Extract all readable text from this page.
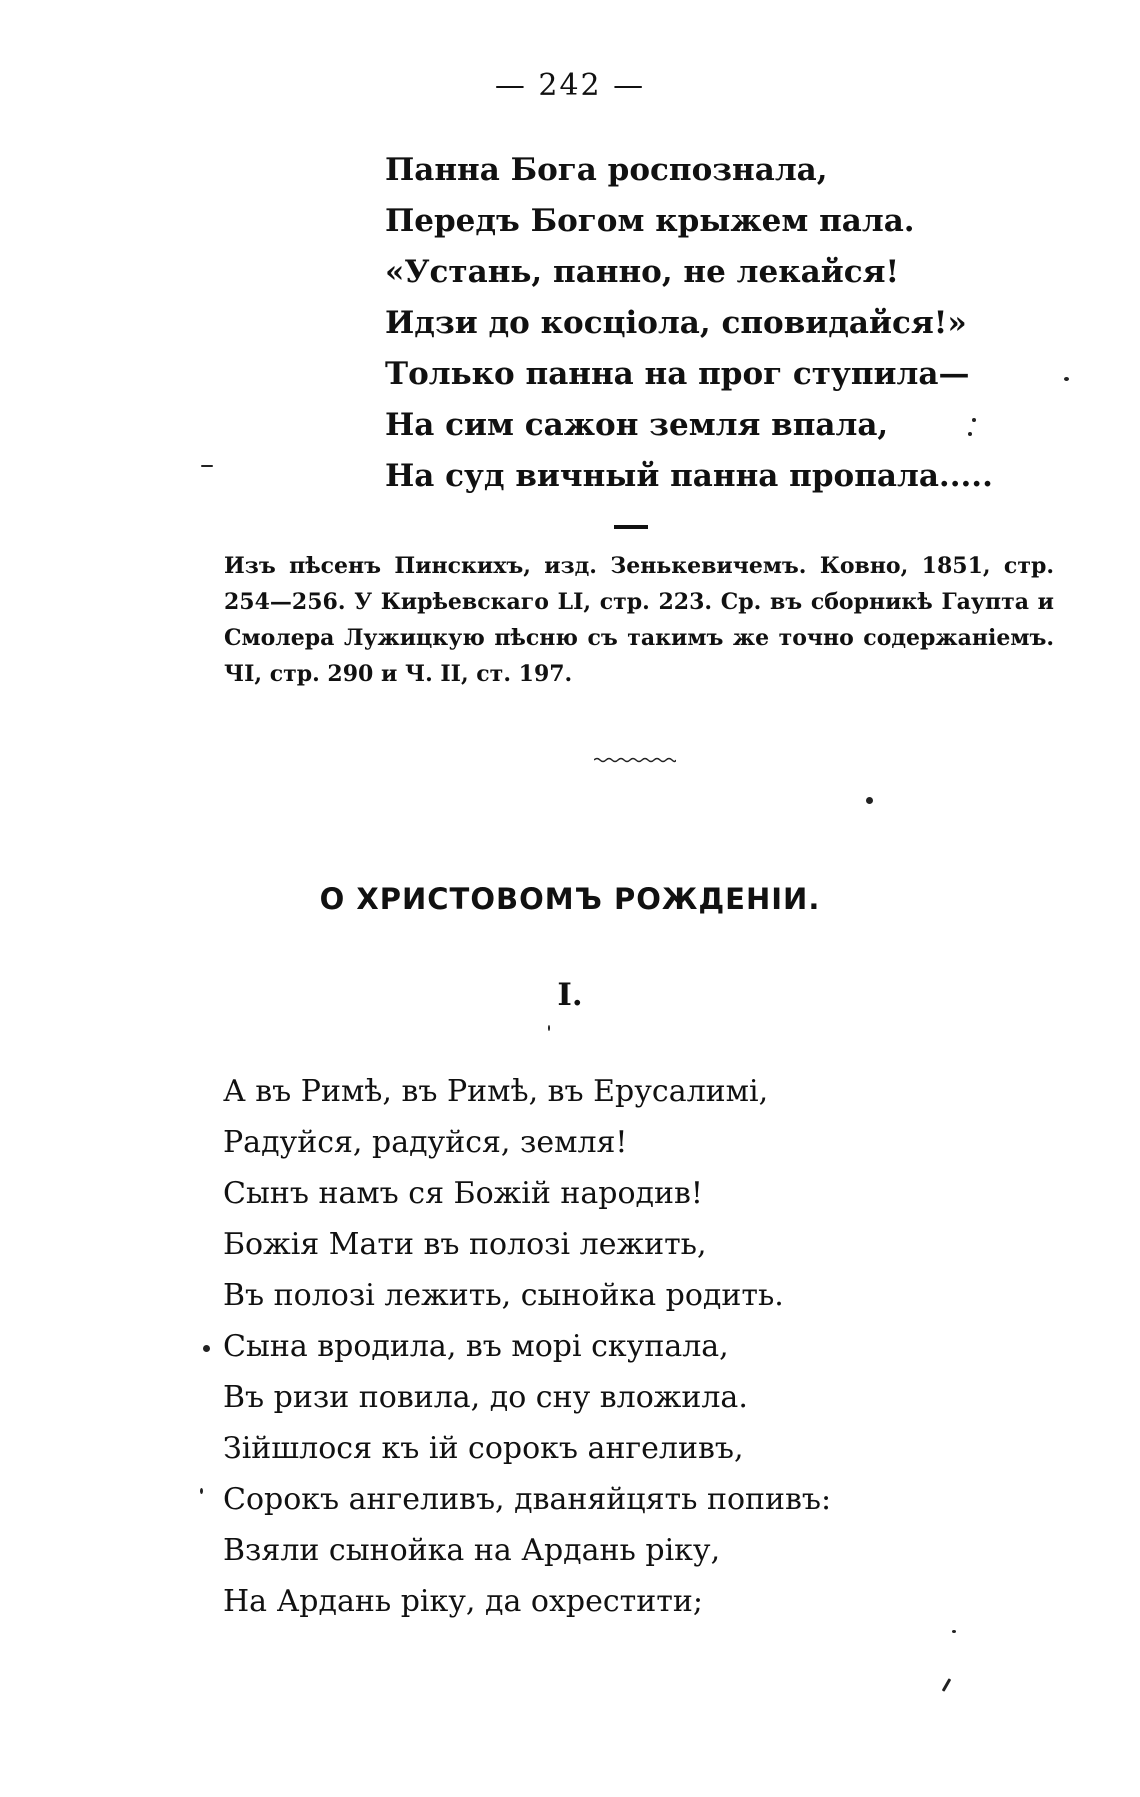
— 242 —
Панна Бога роспознала,
Передъ Богом крыжем пала.
«Устань, панно, не лекайся!
Идзи до косціола, сповидайся!»
Только панна на прог ступила—
На сим сажон земля впала,
На суд вичный панна пропала.....

Изъ пѣсенъ Пинскихъ, изд. Зенькевичемъ. Ковно, 1851, стр. 254—256. У Кирѣевскаго LI, стр. 223. Ср. въ сборникѣ Гаупта и Смолера Лужицкую пѣсню съ такимъ же точно содержаніемъ. ЧI, стр. 290 и Ч. II, ст. 197.

О ХРИСТОВОМЪ РОЖДЕНІИ.
I.
А въ Римѣ, въ Римѣ, въ Ерусалимі,
Радуйся, радуйся, земля!
Сынъ намъ ся Божій народив!
Божія Мати въ полозі лежить,
Въ полозі лежить, сынойка родить.
Сына вродила, въ морі скупала,
Въ ризи повила, до сну вложила.
Зійшлося къ ій сорокъ ангеливъ,
Сорокъ ангеливъ, дваняйцять попивъ:
Взяли сынойка на Ардань ріку,
На Ардань ріку, да охрестити;
